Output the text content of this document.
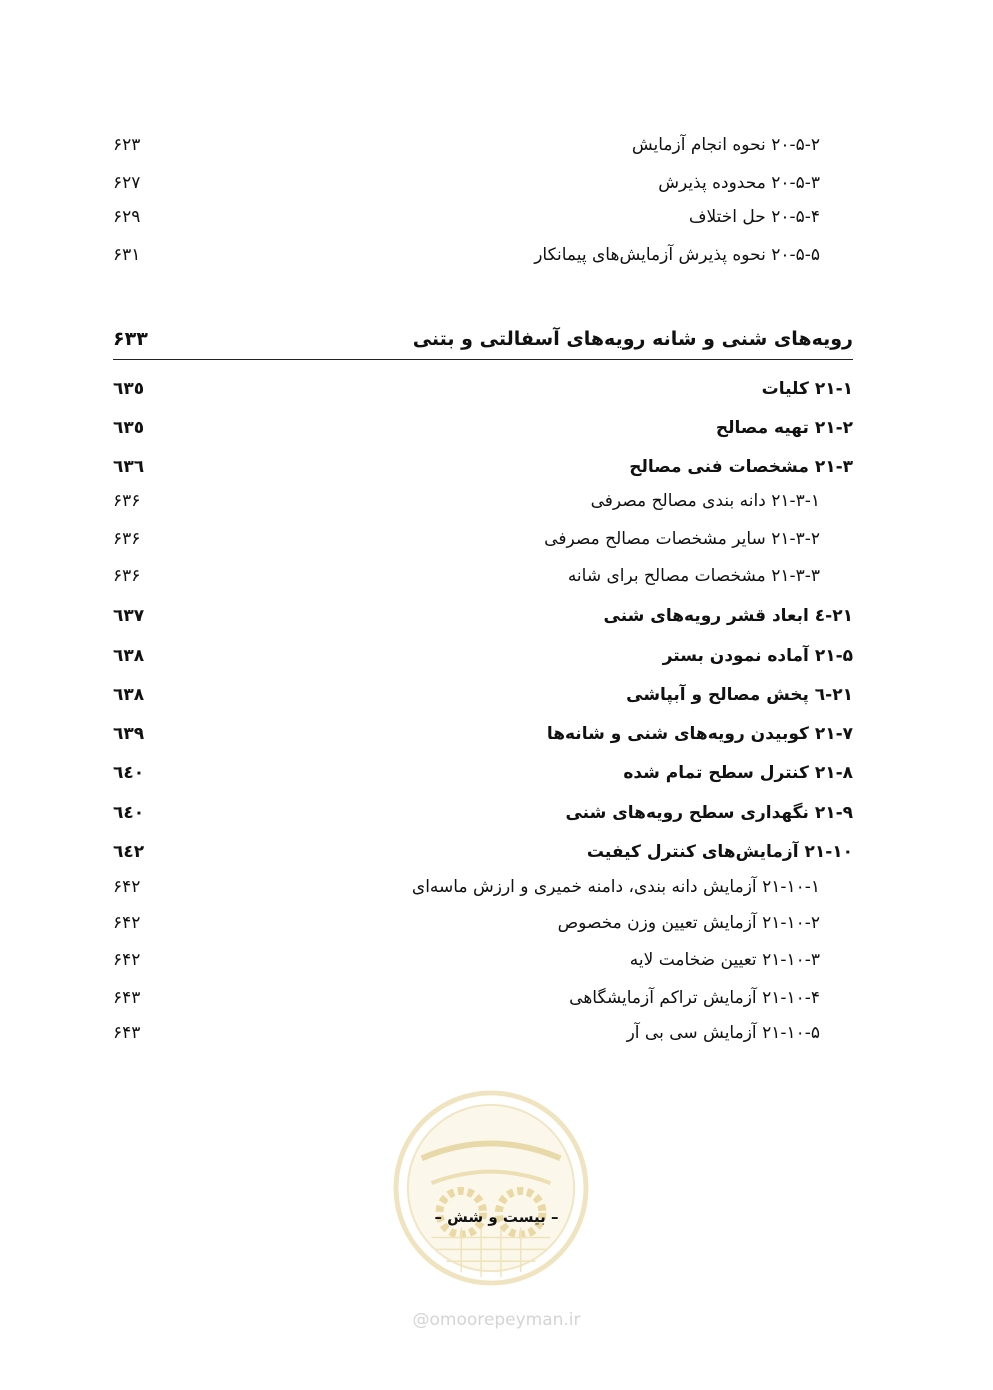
۲۰-۵-۲ نحوه انجام آزمایش
۶۲۳
۲۰-۵-۳ محدوده پذیرش
۶۲۷
۲۰-۵-۴ حل اختلاف
۶۲۹
۲۰-۵-۵ نحوه پذیرش آزمایش‌های پیمانکار
۶۳۱
رویه‌های شنی و شانه رویه‌های آسفالتی و بتنی
۶۳۳
۲۱-۱ کلیات
٦٣٥
۲۱-۲ تهیه مصالح
٦٣٥
۲۱-۳ مشخصات فنی مصالح
٦٣٦
۲۱-۳-۱ دانه بندی مصالح مصرفی
۶۳۶
۲۱-۳-۲ سایر مشخصات مصالح مصرفی
۶۳۶
۲۱-۳-۳ مشخصات مصالح برای شانه
۶۳۶
۲۱-٤ ابعاد قشر رویه‌های شنی
٦٣٧
۲۱-۵ آماده نمودن بستر
٦٣٨
۲۱-٦ پخش مصالح و آبپاشی
٦٣٨
۲۱-۷ کوبیدن رویه‌های شنی و شانه‌ها
٦٣٩
۲۱-۸ کنترل سطح تمام شده
٦٤٠
۲۱-۹ نگهداری سطح رویه‌های شنی
٦٤٠
۲۱-۱۰ آزمایش‌های کنترل کیفیت
٦٤٢
۲۱-۱۰-۱ آزمایش دانه بندی، دامنه خمیری و ارزش ماسه‌ای
۶۴۲
۲۱-۱۰-۲ آزمایش تعیین وزن مخصوص
۶۴۲
۲۱-۱۰-۳ تعیین ضخامت لایه
۶۴۲
۲۱-۱۰-۴ آزمایش تراکم آزمایشگاهی
۶۴۳
۲۱-۱۰-۵ آزمایش سی بی آر
۶۴۳
– بیست و شش –
@omoorepeyman.ir
